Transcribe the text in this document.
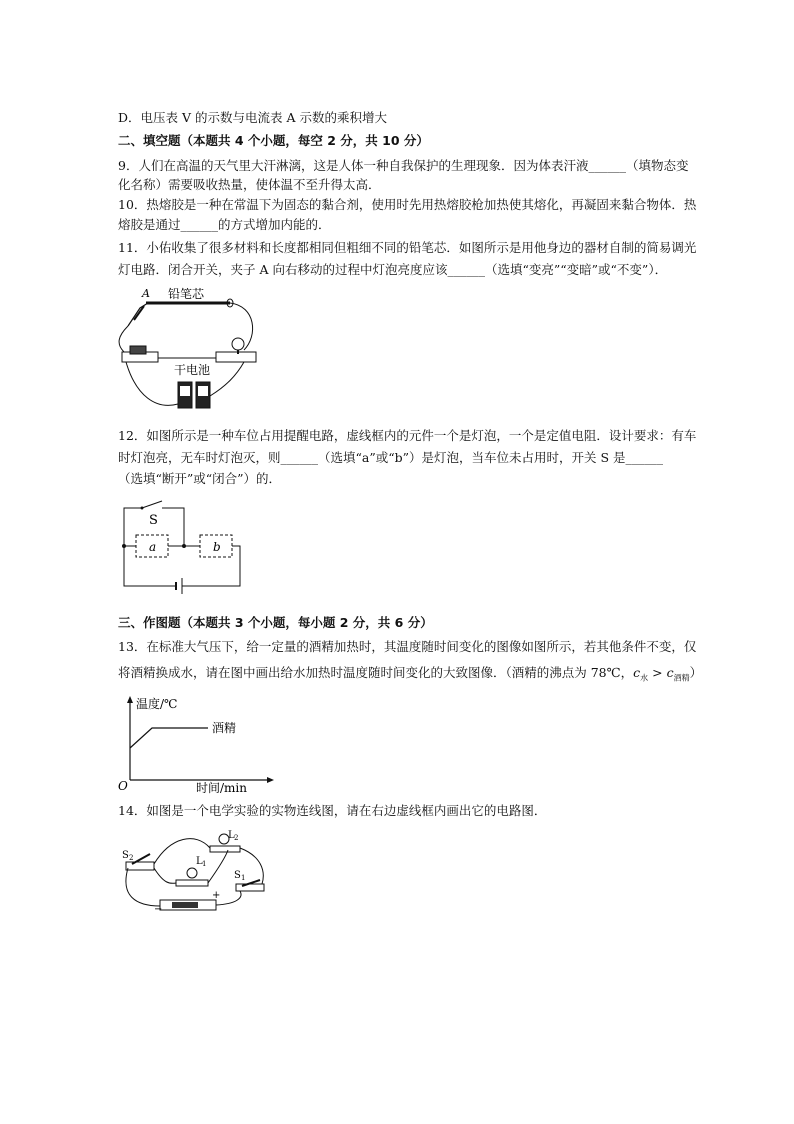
D．电压表 V 的示数与电流表 A 示数的乘积增大
二、填空题（本题共 4 个小题，每空 2 分，共 10 分）
9．人们在高温的天气里大汗淋漓，这是人体一种自我保护的生理现象．因为体表汗液______（填物态变
化名称）需要吸收热量，使体温不至升得太高．
10．热熔胶是一种在常温下为固态的黏合剂，使用时先用热熔胶枪加热使其熔化，再凝固来黏合物体．热
熔胶是通过______的方式增加内能的．
11．小佑收集了很多材料和长度都相同但粗细不同的铅笔芯．如图所示是用他身边的器材自制的简易调光
灯电路．闭合开关，夹子 A 向右移动的过程中灯泡亮度应该______（选填“变亮”“变暗”或“不变”）．
A 铅笔芯
干电池
12．如图所示是一种车位占用提醒电路，虚线框内的元件一个是灯泡，一个是定值电阻．设计要求：有车
时灯泡亮，无车时灯泡灭，则______（选填“a”或“b”）是灯泡，当车位未占用时，开关 S 是______
（选填“断开”或“闭合”）的．
S
a	b
三、作图题（本题共 3 个小题，每小题 2 分，共 6 分）
13．在标准大气压下，给一定量的酒精加热时，其温度随时间变化的图像如图所示，若其他条件不变，仅
将酒精换成水，请在图中画出给水加热时温度随时间变化的大致图像．（酒精的沸点为 78℃，$c_水 > c_{酒精}$）
温度/℃
O	时间/min
酒精
14．如图是一个电学实验的实物连线图，请在右边虚线框内画出它的电路图．
S 2
L 2
L 1
S 1
−
+
